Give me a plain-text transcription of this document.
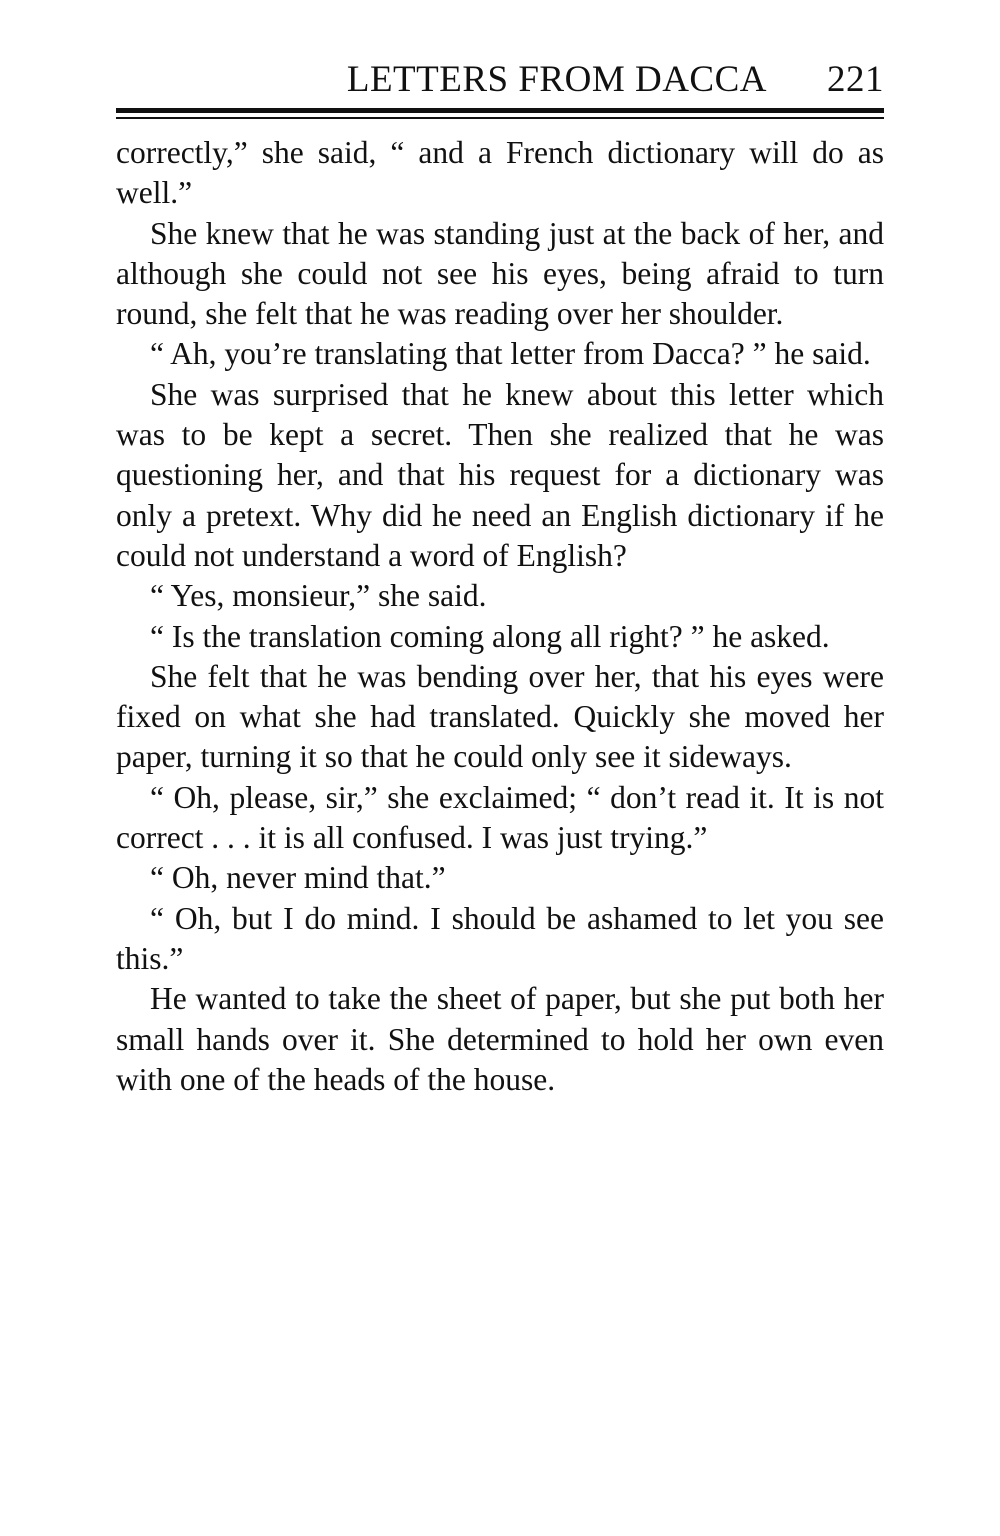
LETTERS FROM DACCA 221

correctly,” she said, “ and a French dictionary will do as well.”

She knew that he was standing just at the back of her, and although she could not see his eyes, being afraid to turn round, she felt that he was reading over her shoulder.

“ Ah, you’re translating that letter from Dacca? ” he said.

She was surprised that he knew about this letter which was to be kept a secret. Then she realized that he was questioning her, and that his request for a dictionary was only a pretext. Why did he need an English dictionary if he could not understand a word of English?

“ Yes, monsieur,” she said.

“ Is the translation coming along all right? ” he asked.

She felt that he was bending over her, that his eyes were fixed on what she had translated. Quickly she moved her paper, turning it so that he could only see it sideways.

“ Oh, please, sir,” she exclaimed; “ don’t read it. It is not correct . . . it is all confused. I was just trying.”

“ Oh, never mind that.”

“ Oh, but I do mind. I should be ashamed to let you see this.”

He wanted to take the sheet of paper, but she put both her small hands over it. She determined to hold her own even with one of the heads of the house.
